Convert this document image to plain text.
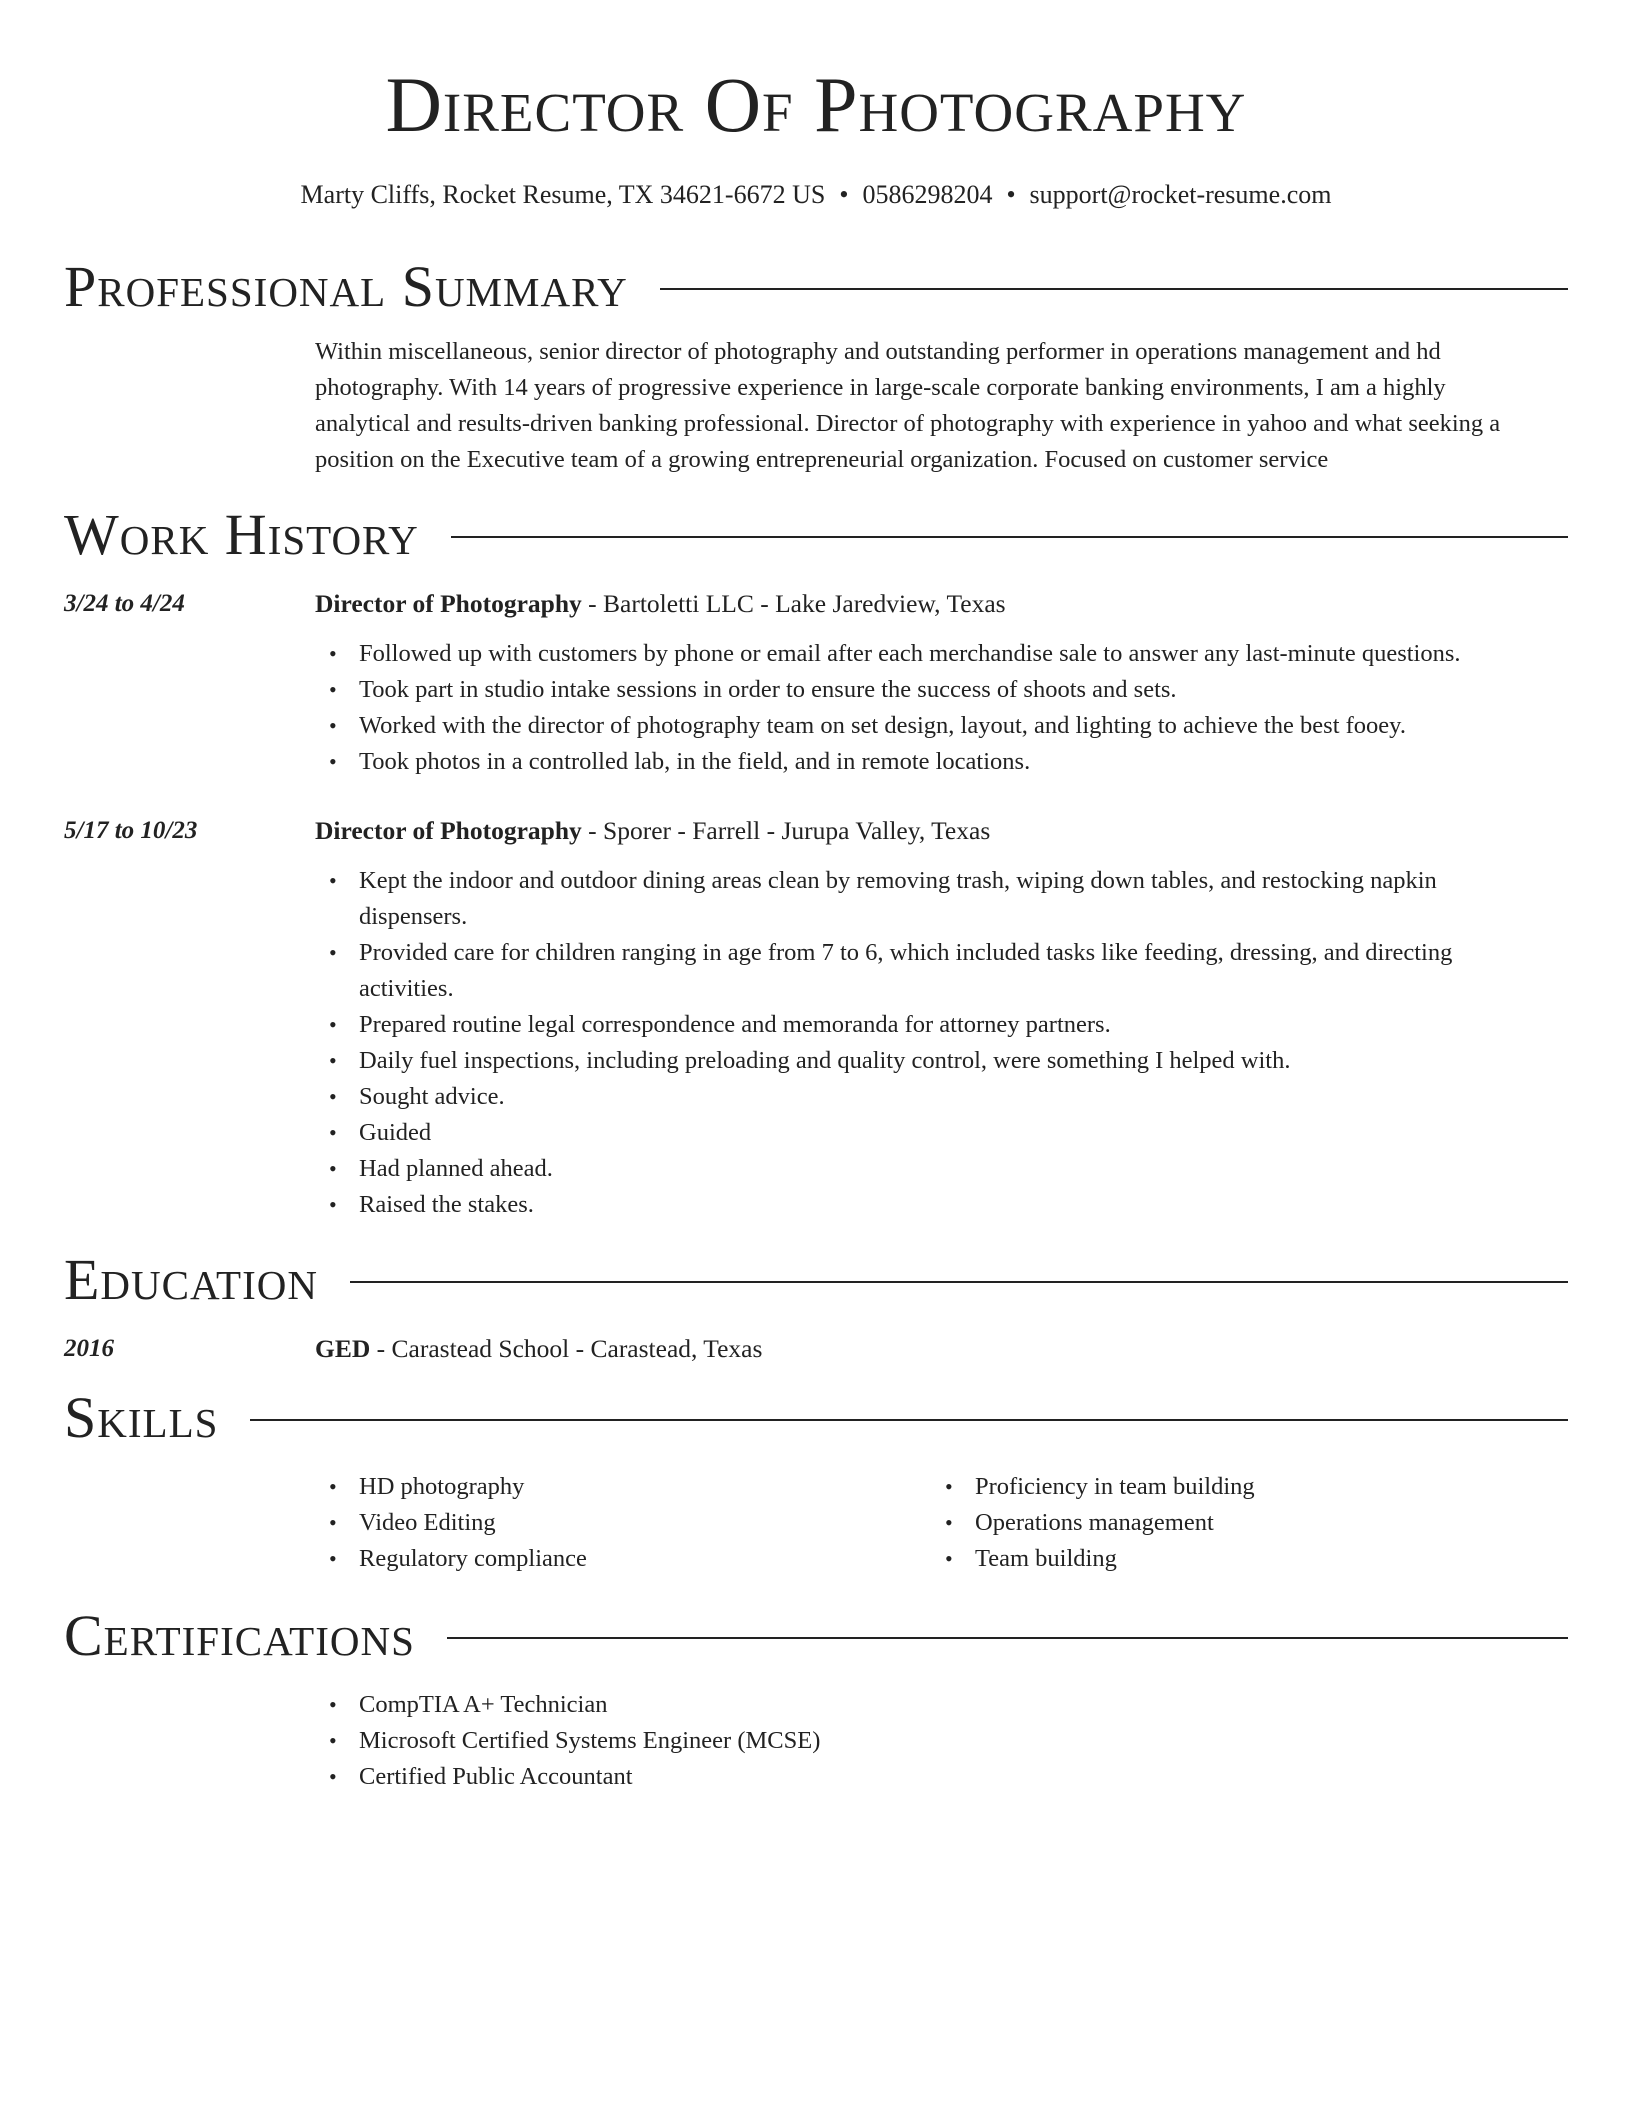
Director Of Photography
Marty Cliffs, Rocket Resume, TX 34621-6672 US • 0586298204 • support@rocket-resume.com
Professional Summary
Within miscellaneous, senior director of photography and outstanding performer in operations management and hd photography. With 14 years of progressive experience in large-scale corporate banking environments, I am a highly analytical and results-driven banking professional. Director of photography with experience in yahoo and what seeking a position on the Executive team of a growing entrepreneurial organization. Focused on customer service
Work History
3/24 to 4/24	Director of Photography - Bartoletti LLC - Lake Jaredview, Texas
• Followed up with customers by phone or email after each merchandise sale to answer any last-minute questions.
• Took part in studio intake sessions in order to ensure the success of shoots and sets.
• Worked with the director of photography team on set design, layout, and lighting to achieve the best fooey.
• Took photos in a controlled lab, in the field, and in remote locations.
5/17 to 10/23	Director of Photography - Sporer - Farrell - Jurupa Valley, Texas
• Kept the indoor and outdoor dining areas clean by removing trash, wiping down tables, and restocking napkin dispensers.
• Provided care for children ranging in age from 7 to 6, which included tasks like feeding, dressing, and directing activities.
• Prepared routine legal correspondence and memoranda for attorney partners.
• Daily fuel inspections, including preloading and quality control, were something I helped with.
• Sought advice.
• Guided
• Had planned ahead.
• Raised the stakes.
Education
2016	GED - Carastead School - Carastead, Texas
Skills
• HD photography
• Video Editing
• Regulatory compliance
• Proficiency in team building
• Operations management
• Team building
Certifications
• CompTIA A+ Technician
• Microsoft Certified Systems Engineer (MCSE)
• Certified Public Accountant
